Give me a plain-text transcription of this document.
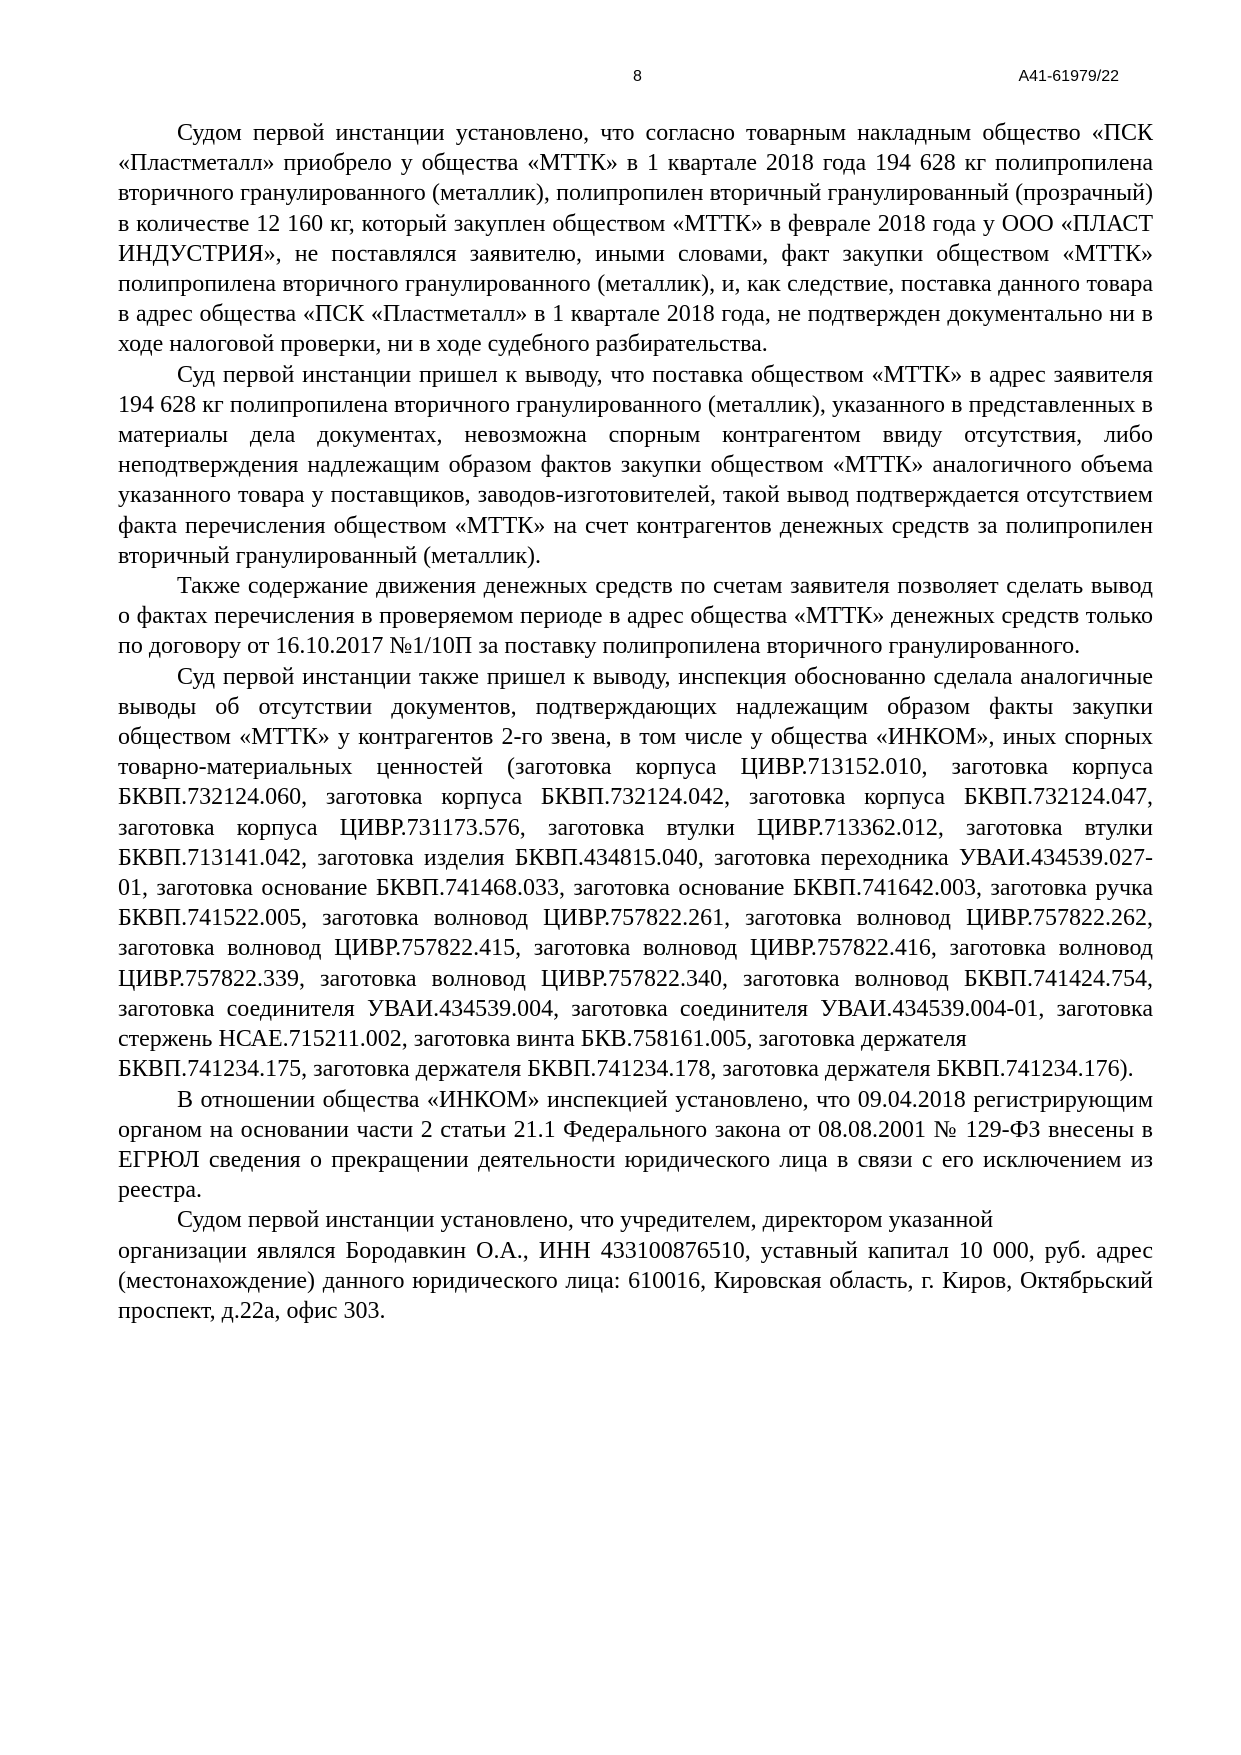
8	А41-61979/22

Судом первой инстанции установлено, что согласно товарным накладным общество «ПСК «Пластметалл» приобрело у общества «МТТК» в 1 квартале 2018 года 194 628 кг полипропилена вторичного гранулированного (металлик), полипропилен вторичный гранулированный (прозрачный) в количестве 12 160 кг, который закуплен обществом «МТТК» в феврале 2018 года у ООО «ПЛАСТ ИНДУСТРИЯ», не поставлялся заявителю, иными словами, факт закупки обществом «МТТК» полипропилена вторичного гранулированного (металлик), и, как следствие, поставка данного товара в адрес общества «ПСК «Пластметалл» в 1 квартале 2018 года, не подтвержден документально ни в ходе налоговой проверки, ни в ходе судебного разбирательства.

Суд первой инстанции пришел к выводу, что поставка обществом «МТТК» в адрес заявителя 194 628 кг полипропилена вторичного гранулированного (металлик), указанного в представленных в материалы дела документах, невозможна спорным контрагентом ввиду отсутствия, либо неподтверждения надлежащим образом фактов закупки обществом «МТТК» аналогичного объема указанного товара у поставщиков, заводов-изготовителей, такой вывод подтверждается отсутствием факта перечисления обществом «МТТК» на счет контрагентов денежных средств за полипропилен вторичный гранулированный (металлик).

Также содержание движения денежных средств по счетам заявителя позволяет сделать вывод о фактах перечисления в проверяемом периоде в адрес общества «МТТК» денежных средств только по договору от 16.10.2017 №1/10П за поставку полипропилена вторичного гранулированного.

Суд первой инстанции также пришел к выводу, инспекция обоснованно сделала аналогичные выводы об отсутствии документов, подтверждающих надлежащим образом факты закупки обществом «МТТК» у контрагентов 2-го звена, в том числе у общества «ИНКОМ», иных спорных товарно-материальных ценностей (заготовка корпуса ЦИВР.713152.010, заготовка корпуса БКВП.732124.060, заготовка корпуса БКВП.732124.042, заготовка корпуса БКВП.732124.047, заготовка корпуса ЦИВР.731173.576, заготовка втулки ЦИВР.713362.012, заготовка втулки БКВП.713141.042, заготовка изделия БКВП.434815.040, заготовка переходника УВАИ.434539.027-01, заготовка основание БКВП.741468.033, заготовка основание БКВП.741642.003, заготовка ручка БКВП.741522.005, заготовка волновод ЦИВР.757822.261, заготовка волновод ЦИВР.757822.262, заготовка волновод ЦИВР.757822.415, заготовка волновод ЦИВР.757822.416, заготовка волновод ЦИВР.757822.339, заготовка волновод ЦИВР.757822.340, заготовка волновод БКВП.741424.754, заготовка соединителя УВАИ.434539.004, заготовка соединителя УВАИ.434539.004-01, заготовка стержень НСАЕ.715211.002, заготовка винта БКВ.758161.005, заготовка держателя

БКВП.741234.175, заготовка держателя БКВП.741234.178, заготовка держателя БКВП.741234.176).

В отношении общества «ИНКОМ» инспекцией установлено, что 09.04.2018 регистрирующим органом на основании части 2 статьи 21.1 Федерального закона от 08.08.2001 № 129-ФЗ внесены в ЕГРЮЛ сведения о прекращении деятельности юридического лица в связи с его исключением из реестра.

Судом первой инстанции установлено, что учредителем, директором указанной

организации являлся Бородавкин О.А., ИНН 433100876510, уставный капитал 10 000, руб. адрес (местонахождение) данного юридического лица: 610016, Кировская область, г. Киров, Октябрьский проспект, д.22а, офис 303.
